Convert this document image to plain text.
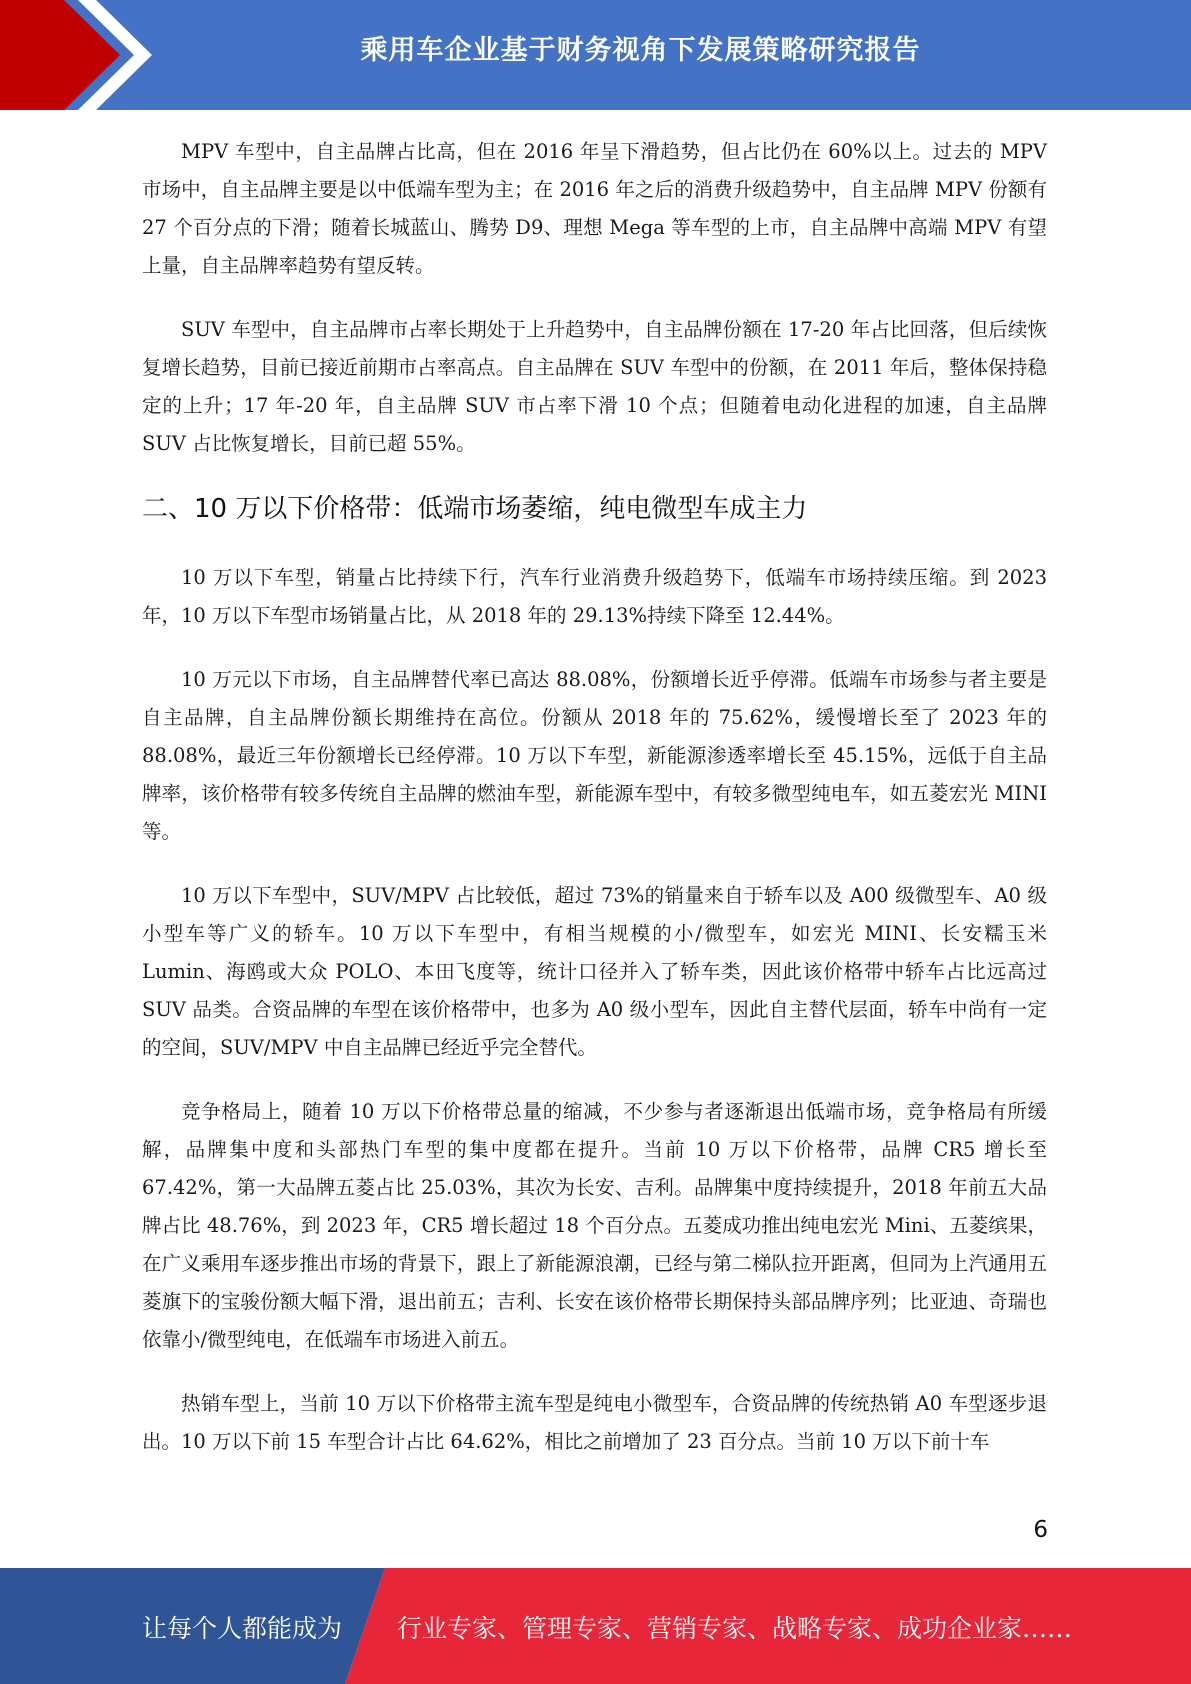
乘用车企业基于财务视角下发展策略研究报告

MPV 车型中，自主品牌占比高，但在 2016 年呈下滑趋势，但占比仍在 60%以上。过去的 MPV 市场中，自主品牌主要是以中低端车型为主；在 2016 年之后的消费升级趋势中，自主品牌 MPV 份额有 27 个百分点的下滑；随着长城蓝山、腾势 D9、理想 Mega 等车型的上市，自主品牌中高端 MPV 有望上量，自主品牌率趋势有望反转。

SUV 车型中，自主品牌市占率长期处于上升趋势中，自主品牌份额在 17-20 年占比回落，但后续恢复增长趋势，目前已接近前期市占率高点。自主品牌在 SUV 车型中的份额，在 2011 年后，整体保持稳定的上升；17 年-20 年，自主品牌 SUV 市占率下滑 10 个点；但随着电动化进程的加速，自主品牌 SUV 占比恢复增长，目前已超 55%。

二、10 万以下价格带：低端市场萎缩，纯电微型车成主力

10 万以下车型，销量占比持续下行，汽车行业消费升级趋势下，低端车市场持续压缩。到 2023 年，10 万以下车型市场销量占比，从 2018 年的 29.13%持续下降至 12.44%。

10 万元以下市场，自主品牌替代率已高达 88.08%，份额增长近乎停滞。低端车市场参与者主要是自主品牌，自主品牌份额长期维持在高位。份额从 2018 年的 75.62%，缓慢增长至了 2023 年的 88.08%，最近三年份额增长已经停滞。10 万以下车型，新能源渗透率增长至 45.15%，远低于自主品牌率，该价格带有较多传统自主品牌的燃油车型，新能源车型中，有较多微型纯电车，如五菱宏光 MINI 等。

10 万以下车型中，SUV/MPV 占比较低，超过 73%的销量来自于轿车以及 A00 级微型车、A0 级小型车等广义的轿车。10 万以下车型中，有相当规模的小/微型车，如宏光 MINI、长安糯玉米 Lumin、海鸥或大众 POLO、本田飞度等，统计口径并入了轿车类，因此该价格带中轿车占比远高过 SUV 品类。合资品牌的车型在该价格带中，也多为 A0 级小型车，因此自主替代层面，轿车中尚有一定的空间，SUV/MPV 中自主品牌已经近乎完全替代。

竞争格局上，随着 10 万以下价格带总量的缩减，不少参与者逐渐退出低端市场，竞争格局有所缓解，品牌集中度和头部热门车型的集中度都在提升。当前 10 万以下价格带，品牌 CR5 增长至 67.42%，第一大品牌五菱占比 25.03%，其次为长安、吉利。品牌集中度持续提升，2018 年前五大品牌占比 48.76%，到 2023 年，CR5 增长超过 18 个百分点。五菱成功推出纯电宏光 Mini、五菱缤果，在广义乘用车逐步推出市场的背景下，跟上了新能源浪潮，已经与第二梯队拉开距离，但同为上汽通用五菱旗下的宝骏份额大幅下滑，退出前五；吉利、长安在该价格带长期保持头部品牌序列；比亚迪、奇瑞也依靠小/微型纯电，在低端车市场进入前五。

热销车型上，当前 10 万以下价格带主流车型是纯电小微型车，合资品牌的传统热销 A0 车型逐步退出。10 万以下前 15 车型合计占比 64.62%，相比之前增加了 23 百分点。当前 10 万以下前十车

6
让每个人都能成为 行业专家、管理专家、营销专家、战略专家、成功企业家……
